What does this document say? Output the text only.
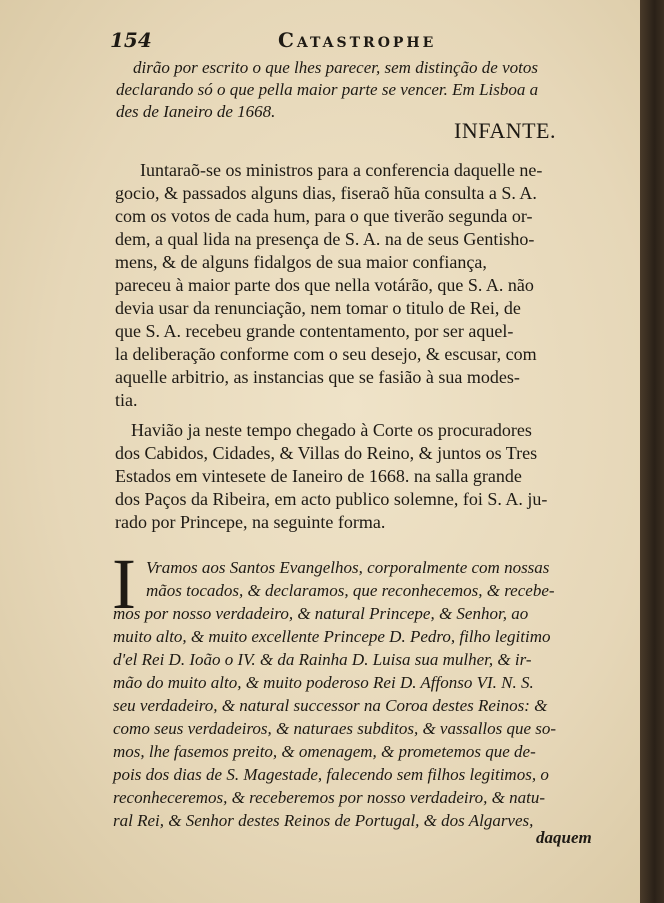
154	Catastrophe
dirão por escrito o que lhes parecer, sem distinção de votos
declarando só o que pella maior parte se vencer. Em Lisboa a
des de Ianeiro de 1668.
INFANTE.
Iuntaraõ-se os ministros para a conferencia daquelle ne-
gocio, & passados alguns dias, fiseraõ hũa consulta a S. A.
com os votos de cada hum, para o que tiverão segunda or-
dem, a qual lida na presença de S. A. na de seus Gentisho-
mens, & de alguns fidalgos de sua maior confiança,
pareceu à maior parte dos que nella votárão, que S. A. não
devia usar da renunciação, nem tomar o titulo de Rei, de
que S. A. recebeu grande contentamento, por ser aquel-
la deliberação conforme com o seu desejo, & escusar, com
aquelle arbitrio, as instancias que se fasião à sua modes-
tia.
Havião ja neste tempo chegado à Corte os procuradores
dos Cabidos, Cidades, & Villas do Reino, & juntos os Tres
Estados em vintesete de Ianeiro de 1668. na salla grande
dos Paços da Ribeira, em acto publico solemne, foi S. A. ju-
rado por Princepe, na seguinte forma.
I Vramos aos Santos Evangelhos, corporalmente com nossas
mãos tocados, & declaramos, que reconhecemos, & recebe-
mos por nosso verdadeiro, & natural Princepe, & Senhor, ao
muito alto, & muito excellente Princepe D. Pedro, filho legitimo
d'el Rei D. Ioão o IV. & da Rainha D. Luisa sua mulher, & ir-
mão do muito alto, & muito poderoso Rei D. Affonso VI. N. S.
seu verdadeiro, & natural successor na Coroa destes Reinos: &
como seus verdadeiros, & naturaes subditos, & vassallos que so-
mos, lhe fasemos preito, & omenagem, & prometemos que de-
pois dos dias de S. Magestade, falecendo sem filhos legitimos, o
reconheceremos, & receberemos por nosso verdadeiro, & natu-
ral Rei, & Senhor destes Reinos de Portugal, & dos Algarves,
daquem
